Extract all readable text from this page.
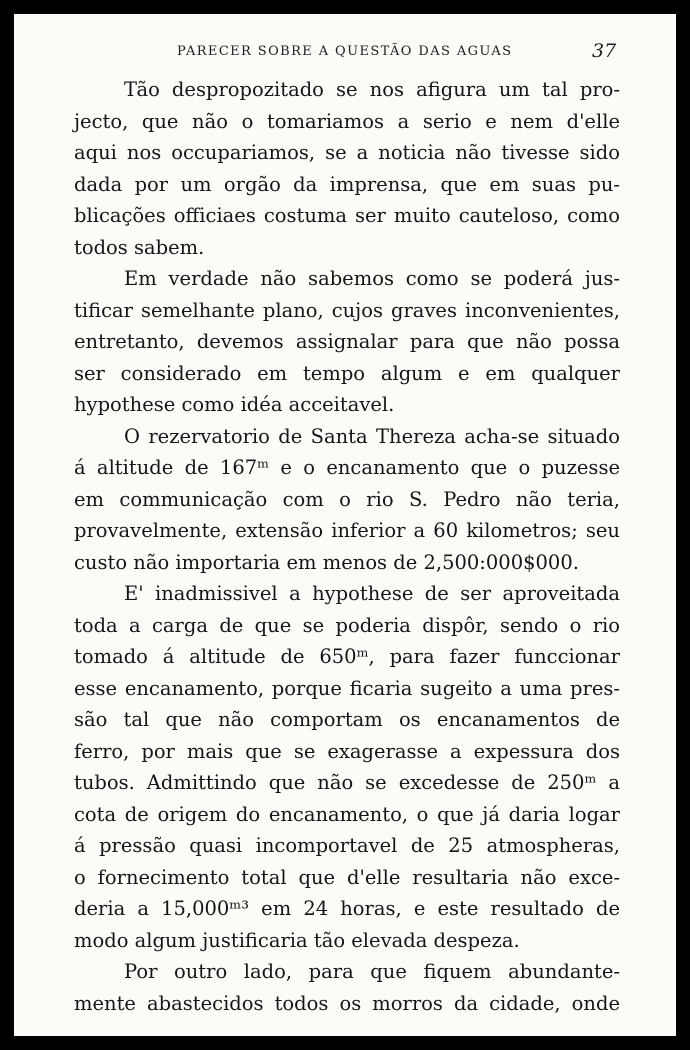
PARECER SOBRE A QUESTÃO DAS AGUAS	37
Tão despropozitado se nos afigura um tal pro-
jecto, que não o tomariamos a serio e nem d'elle
aqui nos occupariamos, se a noticia não tivesse sido
dada por um orgão da imprensa, que em suas pu-
blicações officiaes costuma ser muito cauteloso, como
todos sabem.
Em verdade não sabemos como se poderá jus-
tificar semelhante plano, cujos graves inconvenientes,
entretanto, devemos assignalar para que não possa
ser considerado em tempo algum e em qualquer
hypothese como idéa acceitavel.
O rezervatorio de Santa Thereza acha-se situado
á altitude de 167ᵐ e o encanamento que o puzesse
em communicação com o rio S. Pedro não teria,
provavelmente, extensão inferior a 60 kilometros; seu
custo não importaria em menos de 2,500:000$000.
E' inadmissivel a hypothese de ser aproveitada
toda a carga de que se poderia dispôr, sendo o rio
tomado á altitude de 650ᵐ, para fazer funccionar
esse encanamento, porque ficaria sugeito a uma pres-
são tal que não comportam os encanamentos de
ferro, por mais que se exagerasse a expessura dos
tubos. Admittindo que não se excedesse de 250ᵐ a
cota de origem do encanamento, o que já daria logar
á pressão quasi incomportavel de 25 atmospheras,
o fornecimento total que d'elle resultaria não exce-
deria a 15,000ᵐ³ em 24 horas, e este resultado de
modo algum justificaria tão elevada despeza.
Por outro lado, para que fiquem abundante-
mente abastecidos todos os morros da cidade, onde
